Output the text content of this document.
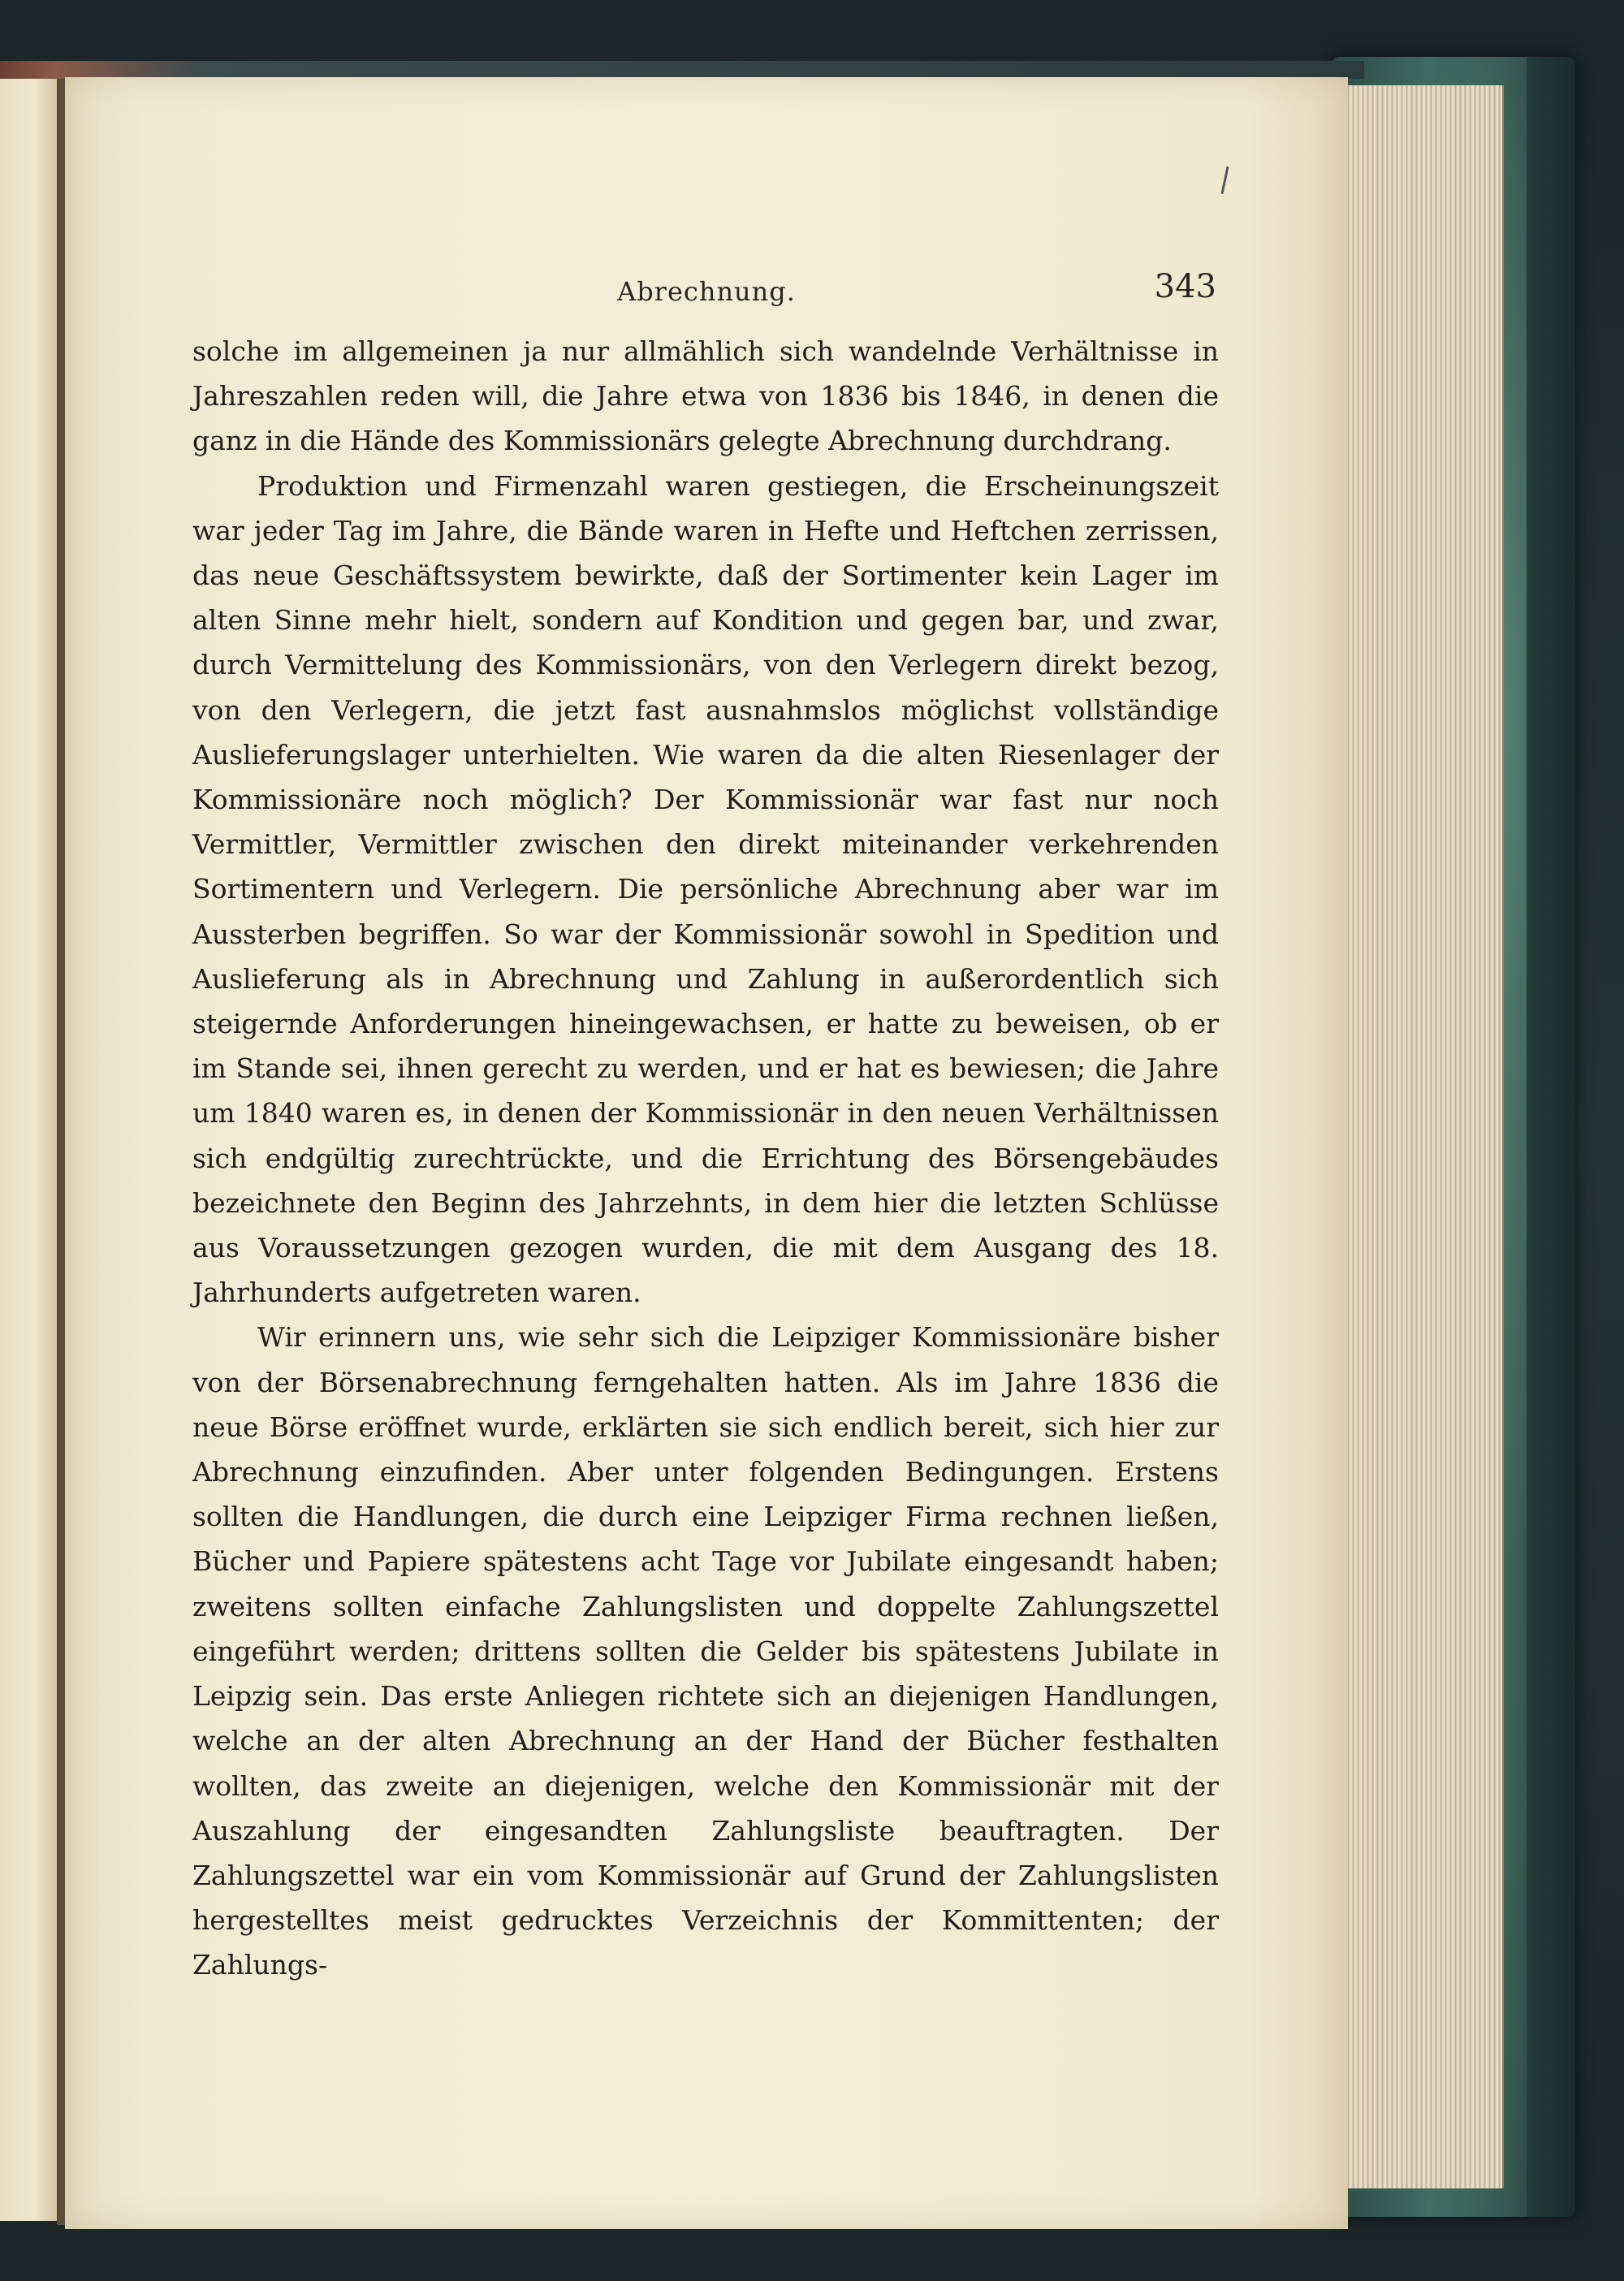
Abrechnung.	343

solche im allgemeinen ja nur allmählich sich wandelnde Verhältnisse in Jahreszahlen reden will, die Jahre etwa von 1836 bis 1846, in denen die ganz in die Hände des Kommissionärs gelegte Abrechnung durchdrang.

Produktion und Firmenzahl waren gestiegen, die Erscheinungszeit war jeder Tag im Jahre, die Bände waren in Hefte und Heftchen zerrissen, das neue Geschäftssystem bewirkte, daß der Sortimenter kein Lager im alten Sinne mehr hielt, sondern auf Kondition und gegen bar, und zwar, durch Vermittelung des Kommissionärs, von den Verlegern direkt bezog, von den Verlegern, die jetzt fast ausnahmslos möglichst vollständige Auslieferungslager unterhielten. Wie waren da die alten Riesenlager der Kommissionäre noch möglich? Der Kommissionär war fast nur noch Vermittler, Vermittler zwischen den direkt miteinander verkehrenden Sortimentern und Verlegern. Die persönliche Abrechnung aber war im Aussterben begriffen. So war der Kommissionär sowohl in Spedition und Auslieferung als in Abrechnung und Zahlung in außerordentlich sich steigernde Anforderungen hineingewachsen, er hatte zu beweisen, ob er im Stande sei, ihnen gerecht zu werden, und er hat es bewiesen; die Jahre um 1840 waren es, in denen der Kommissionär in den neuen Verhältnissen sich endgültig zurechtrückte, und die Errichtung des Börsengebäudes bezeichnete den Beginn des Jahrzehnts, in dem hier die letzten Schlüsse aus Voraussetzungen gezogen wurden, die mit dem Ausgang des 18. Jahrhunderts aufgetreten waren.

Wir erinnern uns, wie sehr sich die Leipziger Kommissionäre bisher von der Börsenabrechnung ferngehalten hatten. Als im Jahre 1836 die neue Börse eröffnet wurde, erklärten sie sich endlich bereit, sich hier zur Abrechnung einzufinden. Aber unter folgenden Bedingungen. Erstens sollten die Handlungen, die durch eine Leipziger Firma rechnen ließen, Bücher und Papiere spätestens acht Tage vor Jubilate eingesandt haben; zweitens sollten einfache Zahlungslisten und doppelte Zahlungszettel eingeführt werden; drittens sollten die Gelder bis spätestens Jubilate in Leipzig sein. Das erste Anliegen richtete sich an diejenigen Handlungen, welche an der alten Abrechnung an der Hand der Bücher festhalten wollten, das zweite an diejenigen, welche den Kommissionär mit der Auszahlung der eingesandten Zahlungsliste beauftragten. Der Zahlungszettel war ein vom Kommissionär auf Grund der Zahlungslisten hergestelltes meist gedrucktes Verzeichnis der Kommittenten; der Zahlungs-
